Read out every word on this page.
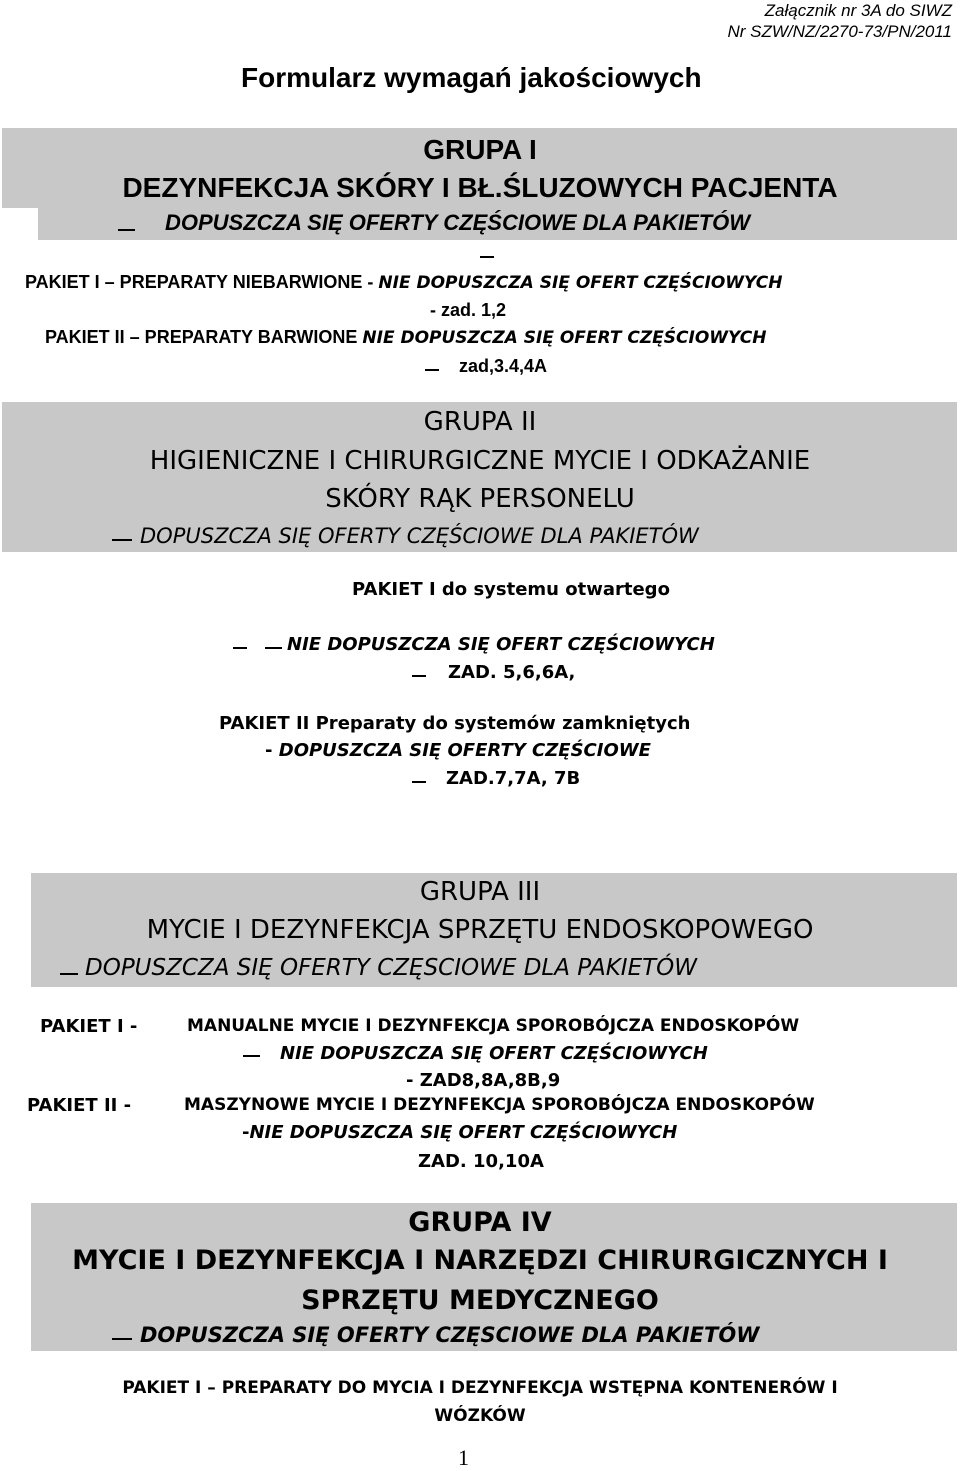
Załącznik nr 3A do SIWZ
Nr SZW/NZ/2270-73/PN/2011
Formularz wymagań jakościowych
GRUPA I
DEZYNFEKCJA SKÓRY I BŁ.ŚLUZOWYCH PACJENTA
DOPUSZCZA SIĘ OFERTY CZĘŚCIOWE DLA PAKIETÓW
PAKIET I – PREPARATY NIEBARWIONE - NIE DOPUSZCZA SIĘ OFERT CZĘŚCIOWYCH
- zad. 1,2
PAKIET II – PREPARATY BARWIONE NIE DOPUSZCZA SIĘ OFERT CZĘŚCIOWYCH
zad,3.4,4A
GRUPA II
HIGIENICZNE I CHIRURGICZNE MYCIE I ODKAŻANIE
SKÓRY RĄK PERSONELU
DOPUSZCZA SIĘ OFERTY CZĘŚCIOWE DLA PAKIETÓW
PAKIET I do systemu otwartego
NIE DOPUSZCZA SIĘ OFERT CZĘŚCIOWYCH
ZAD. 5,6,6A,
PAKIET II Preparaty do systemów zamkniętych
- DOPUSZCZA SIĘ OFERTY CZĘŚCIOWE
ZAD.7,7A, 7B
GRUPA III
MYCIE I DEZYNFEKCJA SPRZĘTU ENDOSKOPOWEGO
DOPUSZCZA SIĘ OFERTY CZĘSCIOWE DLA PAKIETÓW
PAKIET I -	MANUALNE MYCIE I DEZYNFEKCJA SPOROBÓJCZA ENDOSKOPÓW
NIE DOPUSZCZA SIĘ OFERT CZĘŚCIOWYCH
- ZAD8,8A,8B,9
PAKIET II -	MASZYNOWE MYCIE I DEZYNFEKCJA SPOROBÓJCZA ENDOSKOPÓW
-NIE DOPUSZCZA SIĘ OFERT CZĘŚCIOWYCH
ZAD. 10,10A
GRUPA IV
MYCIE I DEZYNFEKCJA I NARZĘDZI CHIRURGICZNYCH I
SPRZĘTU MEDYCZNEGO
DOPUSZCZA SIĘ OFERTY CZĘSCIOWE DLA PAKIETÓW
PAKIET I – PREPARATY DO MYCIA I DEZYNFEKCJA WSTĘPNA KONTENERÓW I
WÓZKÓW
1
